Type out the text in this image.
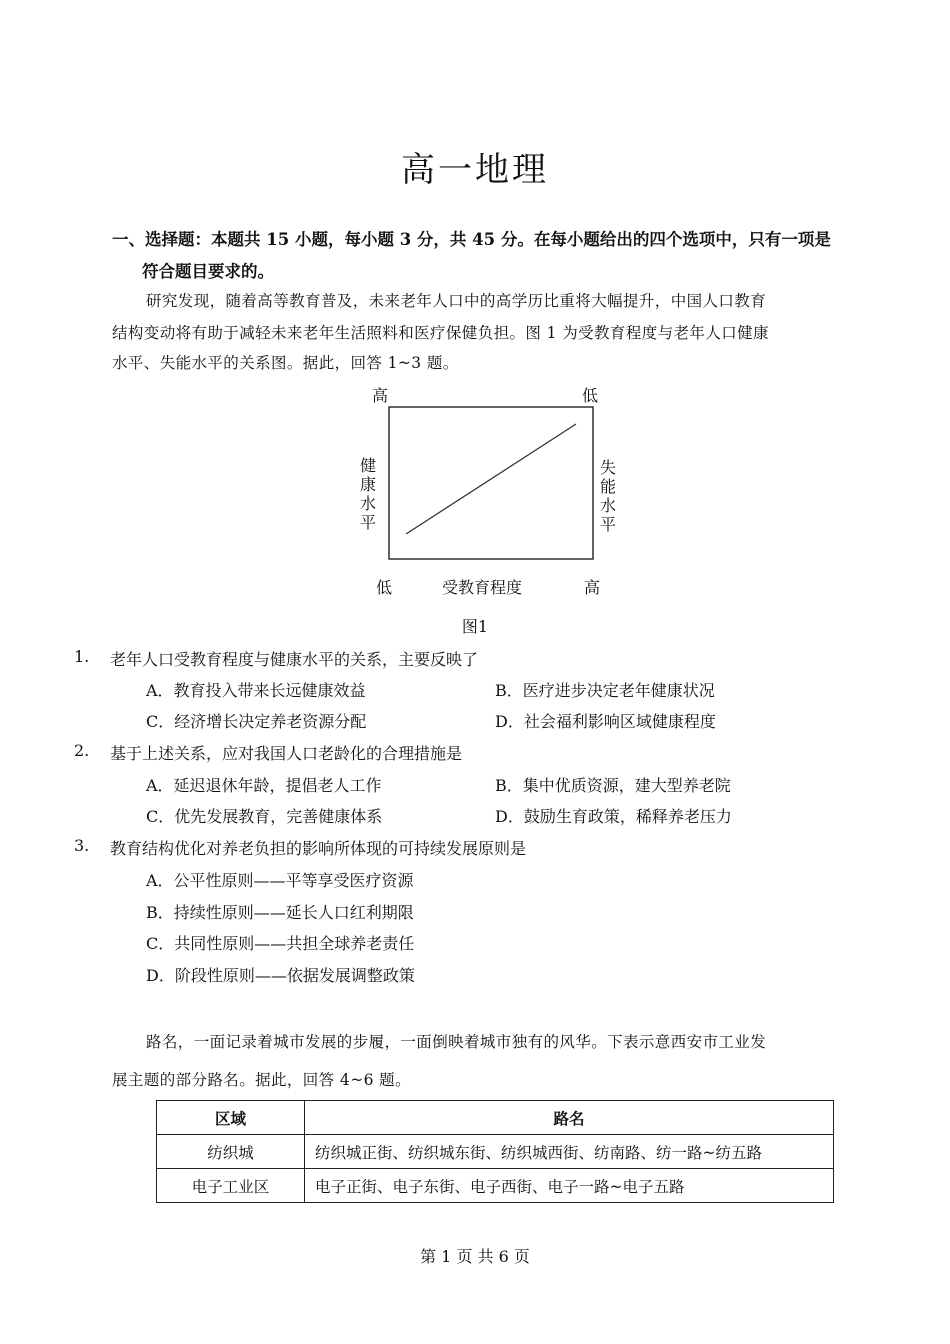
高一地理
一、选择题：本题共 15 小题，每小题 3 分，共 45 分。在每小题给出的四个选项中，只有一项是
符合题目要求的。
研究发现，随着高等教育普及，未来老年人口中的高学历比重将大幅提升，中国人口教育
结构变动将有助于减轻未来老年生活照料和医疗保健负担。图 1 为受教育程度与老年人口健康
水平、失能水平的关系图。据此，回答 1~3 题。
高	低
健
康
水
平
失
能
水
平
低	受教育程度	高
图1
1. 老年人口受教育程度与健康水平的关系，主要反映了
A．教育投入带来长远健康效益	B．医疗进步决定老年健康状况
C．经济增长决定养老资源分配	D．社会福利影响区域健康程度
2. 基于上述关系，应对我国人口老龄化的合理措施是
A．延迟退休年龄，提倡老人工作	B．集中优质资源，建大型养老院
C．优先发展教育，完善健康体系	D．鼓励生育政策，稀释养老压力
3. 教育结构优化对养老负担的影响所体现的可持续发展原则是
A．公平性原则——平等享受医疗资源
B．持续性原则——延长人口红利期限
C．共同性原则——共担全球养老责任
D．阶段性原则——依据发展调整政策
路名，一面记录着城市发展的步履，一面倒映着城市独有的风华。下表示意西安市工业发
展主题的部分路名。据此，回答 4~6 题。
区域	路名
纺织城	纺织城正街、纺织城东街、纺织城西街、纺南路、纺一路~纺五路
电子工业区	电子正街、电子东街、电子西街、电子一路~电子五路
第 1 页 共 6 页
